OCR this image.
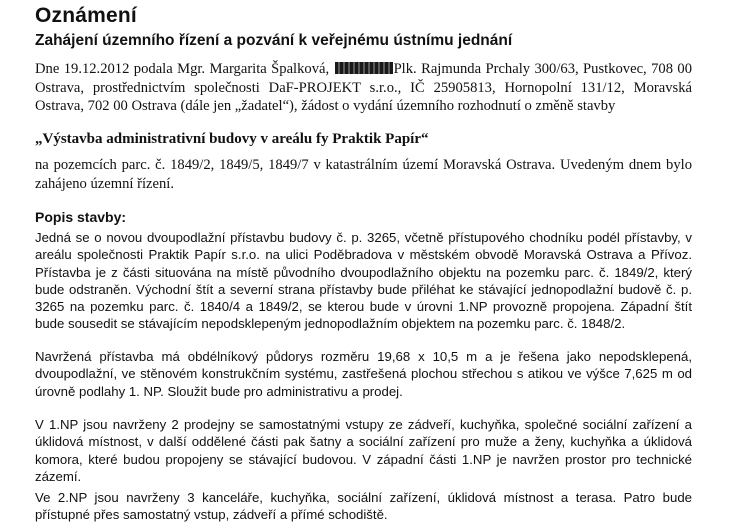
Oznámení
Zahájení územního řízení a pozvání k veřejnému ústnímu jednání

Dne 19.12.2012 podala Mgr. Margarita Špalková,	Plk. Rajmunda Prchaly 300/63, Pustkovec, 708 00 Ostrava, prostřednictvím společnosti DaF-PROJEKT s.r.o., IČ 25905813, Hornopolní 131/12, Moravská Ostrava, 702 00 Ostrava (dále jen „žadatel“), žádost o vydání územního rozhodnutí o změně stavby

„Výstavba administrativní budovy v areálu fy Praktik Papír“

na pozemcích parc. č. 1849/2, 1849/5, 1849/7 v katastrálním území Moravská Ostrava. Uvedeným dnem bylo zahájeno územní řízení.

Popis stavby:

Jedná se o novou dvoupodlažní přístavbu budovy č. p. 3265, včetně přístupového chodníku podél přístavby, v areálu společnosti Praktik Papír s.r.o. na ulici Poděbradova v městském obvodě Moravská Ostrava a Přívoz. Přístavba je z části situována na místě původního dvoupodlažního objektu na pozemku parc. č. 1849/2, který bude odstraněn. Východní štít a severní strana přístavby bude přiléhat ke stávající jednopodlažní budově č. p. 3265 na pozemku parc. č. 1840/4 a 1849/2, se kterou bude v úrovni 1.NP provozně propojena. Západní štít bude sousedit se stávajícím nepodsklepeným jednopodlažním objektem na pozemku parc. č. 1848/2.

Navržená přístavba má obdélníkový půdorys rozměru 19,68 x 10,5 m a je řešena jako nepodsklepená, dvoupodlažní, ve stěnovém konstrukčním systému, zastřešená plochou střechou s atikou ve výšce 7,625 m od úrovně podlahy 1. NP. Sloužit bude pro administrativu a prodej.

V 1.NP jsou navrženy 2 prodejny se samostatnými vstupy ze zádveří, kuchyňka, společné sociální zařízení a úklidová místnost, v další oddělené části pak šatny a sociální zařízení pro muže a ženy, kuchyňka a úklidová komora, které budou propojeny se stávající budovou. V západní části 1.NP je navržen prostor pro technické zázemí.

Ve 2.NP jsou navrženy 3 kanceláře, kuchyňka, sociální zařízení, úklidová místnost a terasa. Patro bude přístupné přes samostatný vstup, zádveří a přímé schodiště.
